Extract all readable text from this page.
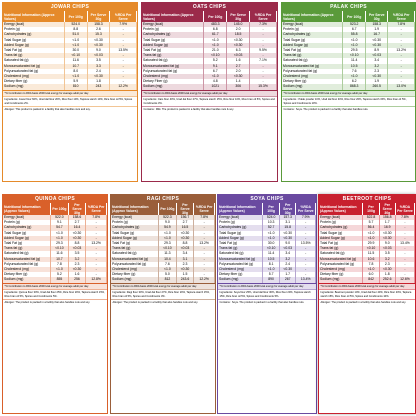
JOWAR CHIPS
Nutritional Information (Approx Values)	Per 100g	Per Serve 30g	%RDA Per Serve
Energy (kcal)	524.0	158.3	7.9%
Protein (g)	8.8	2.6	-
Carbohydrates (g)	51.0	15.3	-
Total Sugar (g)	<1.0	<0.30	-
Added Sugar (g)	<1.0	<0.30	-
Total Fat (g)	30.0	9.0	13.5%
Trans fat (g)	<0.10	<0.03	-
Saturated fat (g)	11.6	3.5	-
Monounsaturated fat (g)	10.7	3.3	-
Polyunsaturated fat (g)	8.0	2.4	-
Cholesterol (mg)	<1.0	<0.30	-
Dietary fiber (g)	5.9	1.8	-
Sodium (mg)	810	243	12.2%
*% Contribution to RDA basis 2000 kcal energy for average adult per day.
Ingredients: Jowar flour 60%, Urad dal flour 20%, Rice flour 10%, Tapioca starch 10%, Rice bran oil 5%, Spices and Condiments 2%.
Allergen: This product is packed in a facility that also handles nuts and soy.
OATS CHIPS
Nutritional Information (Approx Values)	Per 100g	Per Serve 30g	%RDA Per Serve
Energy (kcal)	483.3	145.0	7.3%
Protein (g)	6.8	2.0	-
Carbohydrates (g)	61.7	18.5	-
Total Sugar (g)	<1.0	<0.30	-
Added Sugar (g)	<1.0	<0.30	-
Total Fat (g)	21.0	6.3	9.5%
Trans fat (g)	<0.10	<0.03	-
Saturated fat (g)	5.2	1.6	7.1%
Monounsaturated fat (g)	9.1	2.7	-
Polyunsaturated fat (g)	6.7	2.0	-
Cholesterol (mg)	<1.0	<0.30	-
Dietary Fiber (g)	4.8	1.4	-
Sodium (mg)	1021	306	15.3%
*% Contribution to RDA basis 2000 kcal energy for average adult per day.
Ingredients: Oats flour 40%, Urad dal flour 27%, Tapioca starch 15%, Rice flour 10%, Rice bran oil 5%, Spices and Condiments 3%.
Contains : Milk. The product is packed in a facility that also handles nuts & soy.
PALAK CHIPS
Nutritional Information (Approx Values)	Per 100g	Per Serve 30g	%RDA Per Serve
Energy (kcal)	523.2	158.3	7.8%
Protein (g)	6.7	1.9	-
Carbohydrates (g)	55.8	16.7	-
Total Sugar (g)	<1.0	<0.30	-
Added Sugar (g)	<1.0	<0.30	-
Total Fat (g)	29.5	8.9	13.2%
Trans fat (g)	<0.10	<0.03	-
Saturated fat (g)	11.4	3.4	-
Monounsaturated fat (g)	10.5	3.2	-
Polyunsaturated fat (g)	7.6	2.3	-
Cholesterol (mg)	<1.0	<0.30	-
Dietary fiber (g)	6.2	1.9	-
Sodium (mg)	868.3	260.5	13.0%
*% Contribution to RDA basis 2000 kcal energy for average adult per day.
Ingredients : Palak powder 10%, Urad dal flour 40%, Rice flour 20%, Tapioca starch 15%, Rice bran oil 5%, Spices and Condiments 10%.
Contains : Soya. The product is packed in a facility that also handles nuts.
QUINOA CHIPS
Nutritional Information (Approx Values)	Per 100g	Per Serve 30g	%RDA Per Serve
Energy (kcal)	522.0	158.6	7.8%
Protein (g)	9.1	2.7	-
Carbohydrates (g)	54.7	16.4	-
Total Sugar (g)	<1.0	<0.30	-
Added Sugar (g)	<1.0	<0.30	-
Total Fat (g)	29.3	8.8	13.2%
Trans fat (g)	<0.10	<0.03	-
Saturated fat (g)	11.6	3.5	-
Monounsaturated fat (g)	10.7	3.2	-
Polyunsaturated fat (g)	7.8	2.3	-
Cholesterol (mg)	<1.0	<0.30	-
Dietary fiber (g)	5.2	1.6	-
Sodium (mg)	855	256	12.8%
*% Contribution to RDA basis 2000 kcal energy for average adult per day.
Ingredients: Quinoa flour 30%, Urad dal flour 25%, Rice flour 20%, Tapioca starch 15%, Rice bran oil 5%, Spices and Condiments 5%.
Allergen: The product is packed in a facility that also handles nuts and soy.
RAGI CHIPS
Nutritional Information (Approx Values)	Per 100g	Per Serve 30g	%RDA Per Serve
Energy (kcal)	522.3	156.7	7.8%
Protein (g)	9.0	2.7	-
Carbohydrates (g)	54.9	16.5	-
Total Sugar (g)	<1.0	<0.30	-
Added Sugar (g)	<1.0	<0.30	-
Total Fat (g)	29.3	8.8	13.2%
Trans fat (g)	<0.10	<0.03	-
Saturated fat (g)	11.3	3.4	-
Monounsaturated fat (g)	10.4	3.1	-
Polyunsaturated fat (g)	7.6	2.3	-
Cholesterol (mg)	<1.0	<0.30	-
Dietary fiber (g)	5.0	1.5	-
Sodium (mg)	812	243.6	12.2%
*% Contribution to RDA basis 2000 kcal energy for average adult per day.
Ingredients: Ragi flour 30%, Urad dal flour 27%, Rice flour 20%, Tapioca starch 15%, Rice bran oil 5%, Spices and Condiments 3%.
Allergen: The product is packed in a facility that also handles nuts and soy.
SOYA CHIPS
Nutritional Information (Approx Values)	Per 100g	Per Serve 30g	%RDA Per Serve
Energy (kcal)	524.0	157.3	7.9%
Protein (g)	10.3	3.1	-
Carbohydrates (g)	52.7	15.8	-
Total Sugar (g)	<1.0	<0.30	-
Added Sugar (g)	<1.0	<0.30	-
Total Fat (g)	30.0	9.0	13.5%
Trans fat (g)	<0.10	<0.03	-
Saturated fat (g)	11.4	3.4	-
Monounsaturated fat (g)	10.5	3.2	-
Polyunsaturated fat (g)	8.1	2.4	-
Cholesterol (mg)	<1.0	<0.30	-
Dietary fiber (g)	5.7	1.7	-
Sodium (mg)	890	267	13.4%
*% Contribution to RDA basis 2000 kcal energy for average adult per day.
Ingredients: Soya flour 25%, Urad dal flour 30%, Rice flour 20%, Tapioca starch 15%, Rice bran oil 5%, Spices and Condiments 5%.
Contains : Soya. The product is packed in a facility that also handles nuts.
BEETROOT CHIPS
Nutritional Information (Approx Values)	Per 100g	Per Serve 30g	%RDA Per Serve
Energy (kcal)	522.8	156.8	7.8%
Protein (g)	5.7	1.7	-
Carbohydrates (g)	56.4	16.9	-
Total Sugar (g)	<1.0	<0.30	-
Added Sugar (g)	<1.0	<0.30	-
Total Fat (g)	29.9	9.0	13.4%
Trans fat (g)	<0.10	<0.03	-
Saturated fat (g)	11.5	3.5	-
Monounsaturated fat (g)	10.6	3.2	-
Polyunsaturated fat (g)	7.8	2.3	-
Cholesterol (mg)	<1.0	<0.30	-
Dietary fiber (g)	6.0	1.8	-
Sodium (mg)	842	252.6	12.6%
*% Contribution to RDA basis 2000 kcal energy for average adult per day.
Ingredients: Beetroot powder 10%, Urad dal flour 40%, Rice flour 20%, Tapioca starch 15%, Rice bran oil 5%, Spices and Condiments 10%.
Allergen: The product is packed in a facility that also handles nuts and soy.
